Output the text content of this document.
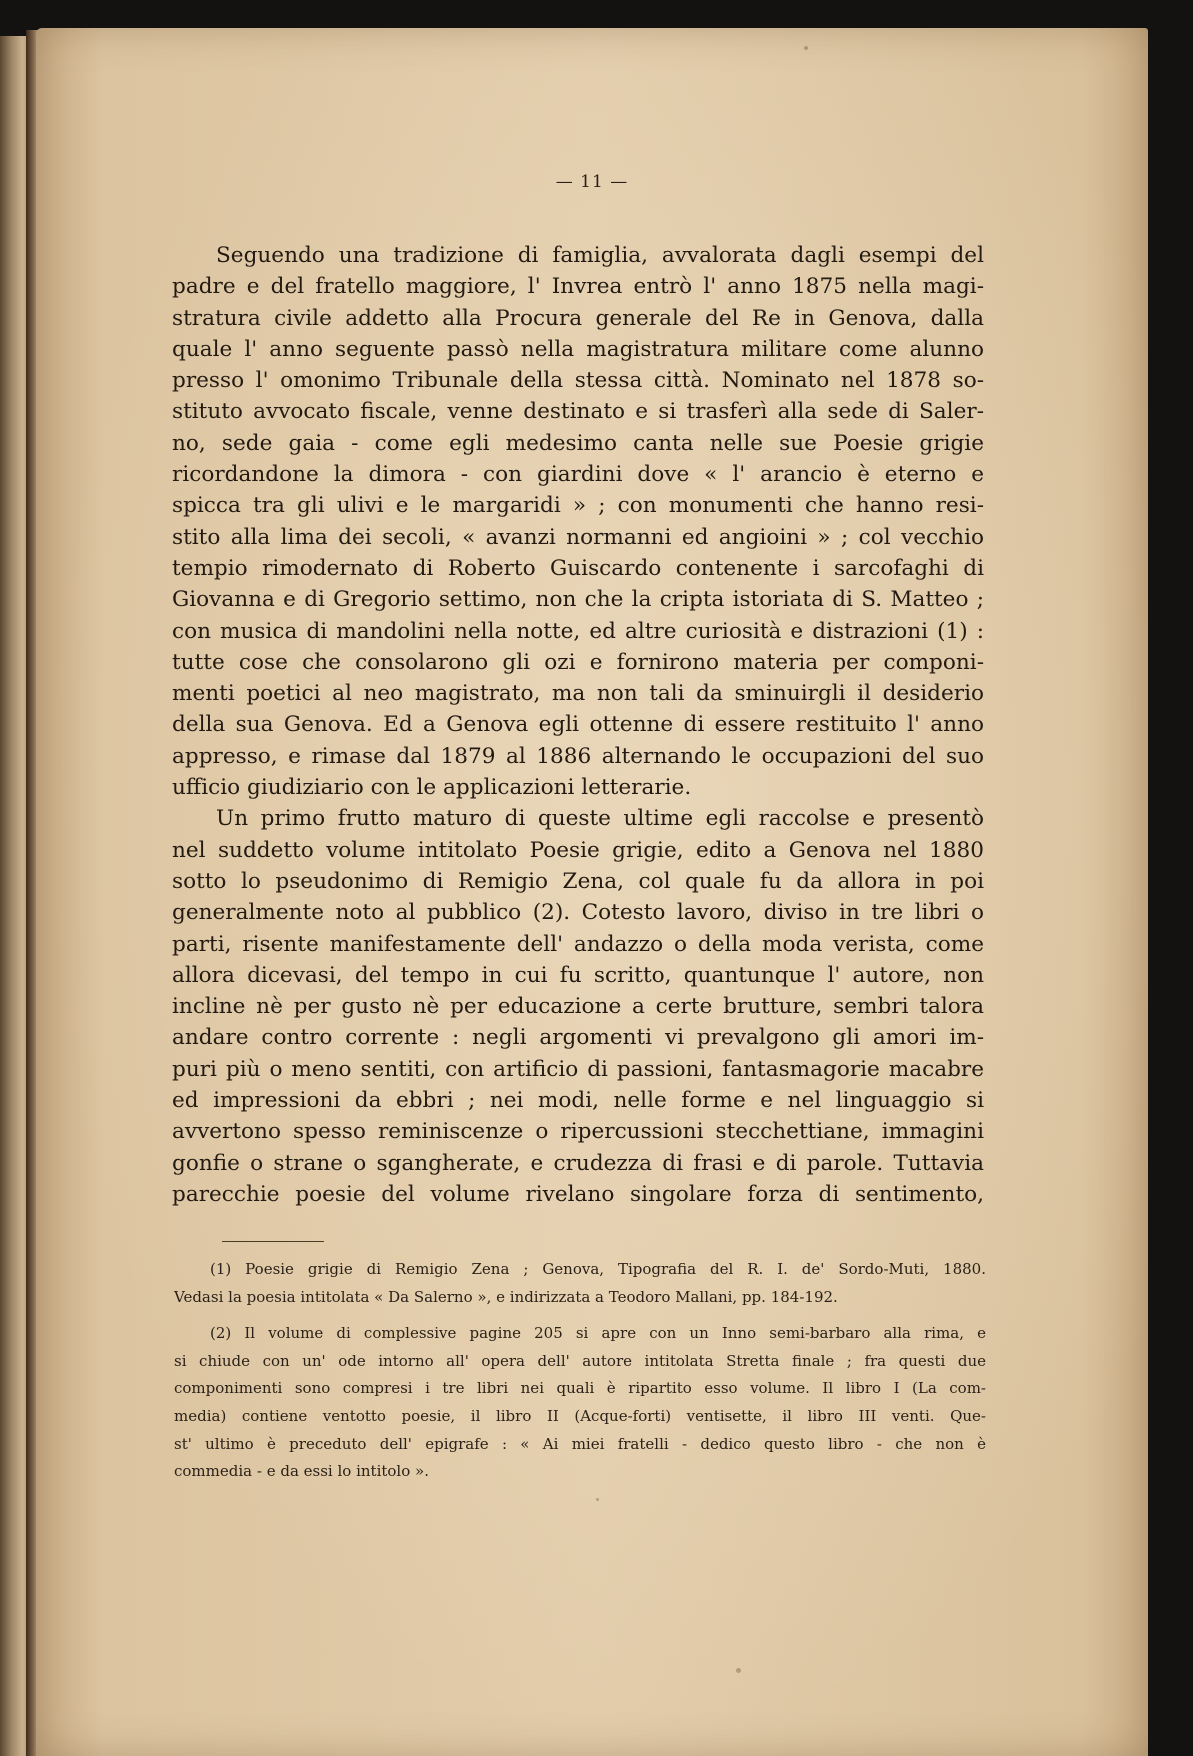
— 11 —
Seguendo una tradizione di famiglia, avvalorata dagli esempi del
padre e del fratello maggiore, l' Invrea entrò l' anno 1875 nella magi-
stratura civile addetto alla Procura generale del Re in Genova, dalla
quale l' anno seguente passò nella magistratura militare come alunno
presso l' omonimo Tribunale della stessa città. Nominato nel 1878 so-
stituto avvocato fiscale, venne destinato e si trasferì alla sede di Saler-
no, sede gaia - come egli medesimo canta nelle sue Poesie grigie
ricordandone la dimora - con giardini dove « l' arancio è eterno e
spicca tra gli ulivi e le margaridi » ; con monumenti che hanno resi-
stito alla lima dei secoli, « avanzi normanni ed angioini » ; col vecchio
tempio rimodernato di Roberto Guiscardo contenente i sarcofaghi di
Giovanna e di Gregorio settimo, non che la cripta istoriata di S. Matteo ;
con musica di mandolini nella notte, ed altre curiosità e distrazioni (1) :
tutte cose che consolarono gli ozi e fornirono materia per componi-
menti poetici al neo magistrato, ma non tali da sminuirgli il desiderio
della sua Genova. Ed a Genova egli ottenne di essere restituito l' anno
appresso, e rimase dal 1879 al 1886 alternando le occupazioni del suo
ufficio giudiziario con le applicazioni letterarie.
Un primo frutto maturo di queste ultime egli raccolse e presentò
nel suddetto volume intitolato Poesie grigie, edito a Genova nel 1880
sotto lo pseudonimo di Remigio Zena, col quale fu da allora in poi
generalmente noto al pubblico (2). Cotesto lavoro, diviso in tre libri o
parti, risente manifestamente dell' andazzo o della moda verista, come
allora dicevasi, del tempo in cui fu scritto, quantunque l' autore, non
incline nè per gusto nè per educazione a certe brutture, sembri talora
andare contro corrente : negli argomenti vi prevalgono gli amori im-
puri più o meno sentiti, con artificio di passioni, fantasmagorie macabre
ed impressioni da ebbri ; nei modi, nelle forme e nel linguaggio si
avvertono spesso reminiscenze o ripercussioni stecchettiane, immagini
gonfie o strane o sgangherate, e crudezza di frasi e di parole. Tuttavia
parecchie poesie del volume rivelano singolare forza di sentimento,
(1) Poesie grigie di Remigio Zena ; Genova, Tipografia del R. I. de' Sordo-Muti, 1880.
Vedasi la poesia intitolata « Da Salerno », e indirizzata a Teodoro Mallani, pp. 184-192.
(2) Il volume di complessive pagine 205 si apre con un Inno semi-barbaro alla rima, e
si chiude con un' ode intorno all' opera dell' autore intitolata Stretta finale ; fra questi due
componimenti sono compresi i tre libri nei quali è ripartito esso volume. Il libro I (La com-
media) contiene ventotto poesie, il libro II (Acque-forti) ventisette, il libro III venti. Que-
st' ultimo è preceduto dell' epigrafe : « Ai miei fratelli - dedico questo libro - che non è
commedia - e da essi lo intitolo ».
